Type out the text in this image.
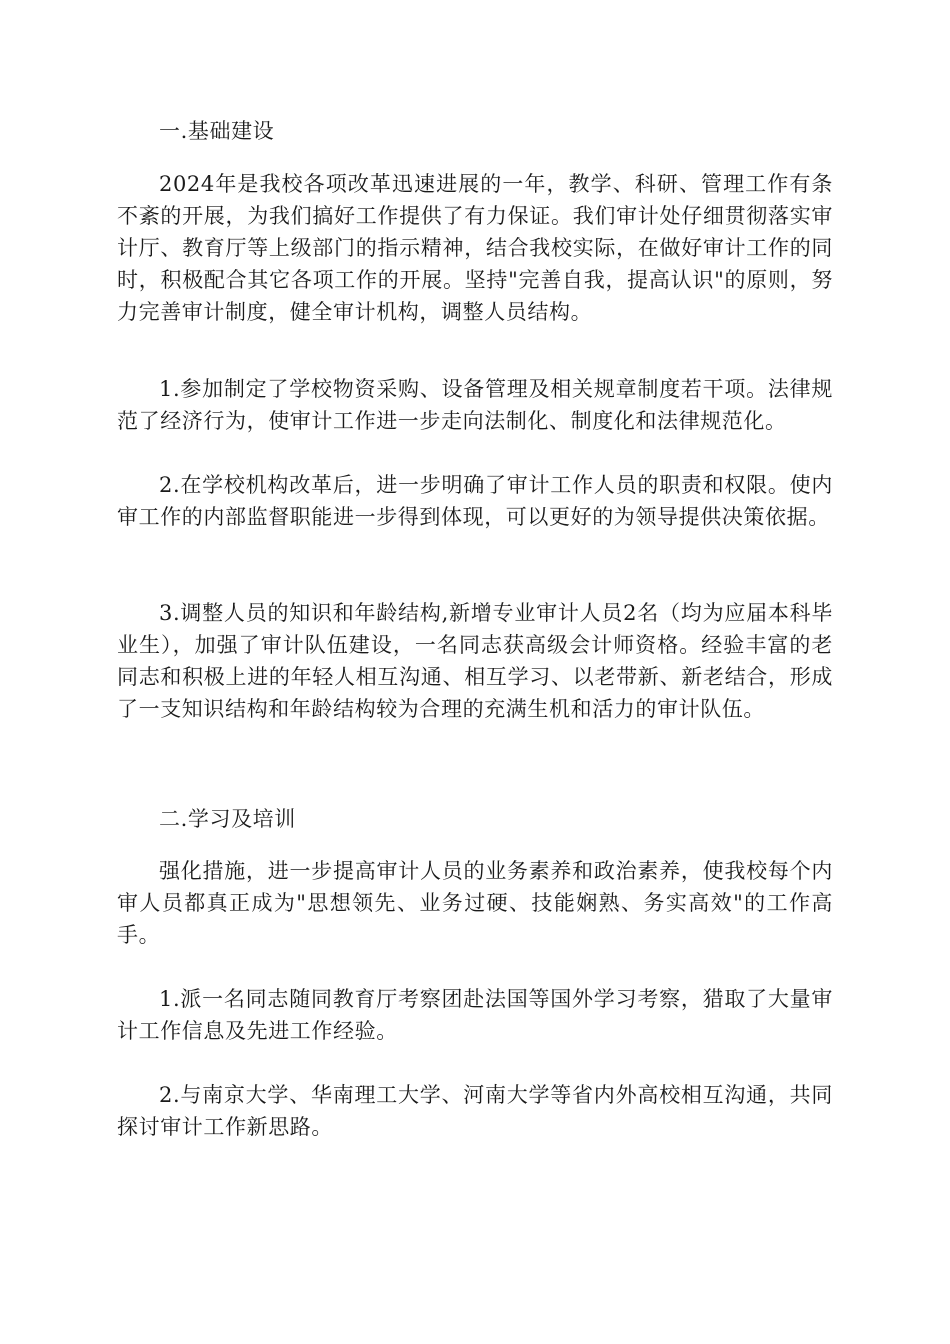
一.基础建设

2024年是我校各项改革迅速进展的一年，教学、科研、管理工作有条不紊的开展，为我们搞好工作提供了有力保证。我们审计处仔细贯彻落实审计厅、教育厅等上级部门的指示精神，结合我校实际，在做好审计工作的同时，积极配合其它各项工作的开展。坚持"完善自我，提高认识"的原则，努力完善审计制度，健全审计机构，调整人员结构。

1.参加制定了学校物资采购、设备管理及相关规章制度若干项。法律规范了经济行为，使审计工作进一步走向法制化、制度化和法律规范化。

2.在学校机构改革后，进一步明确了审计工作人员的职责和权限。使内审工作的内部监督职能进一步得到体现，可以更好的为领导提供决策依据。

3.调整人员的知识和年龄结构,新增专业审计人员2名（均为应届本科毕业生），加强了审计队伍建设，一名同志获高级会计师资格。经验丰富的老同志和积极上进的年轻人相互沟通、相互学习、以老带新、新老结合，形成了一支知识结构和年龄结构较为合理的充满生机和活力的审计队伍。

二.学习及培训

强化措施，进一步提高审计人员的业务素养和政治素养，使我校每个内审人员都真正成为"思想领先、业务过硬、技能娴熟、务实高效"的工作高手。

1.派一名同志随同教育厅考察团赴法国等国外学习考察，猎取了大量审计工作信息及先进工作经验。

2.与南京大学、华南理工大学、河南大学等省内外高校相互沟通，共同探讨审计工作新思路。
